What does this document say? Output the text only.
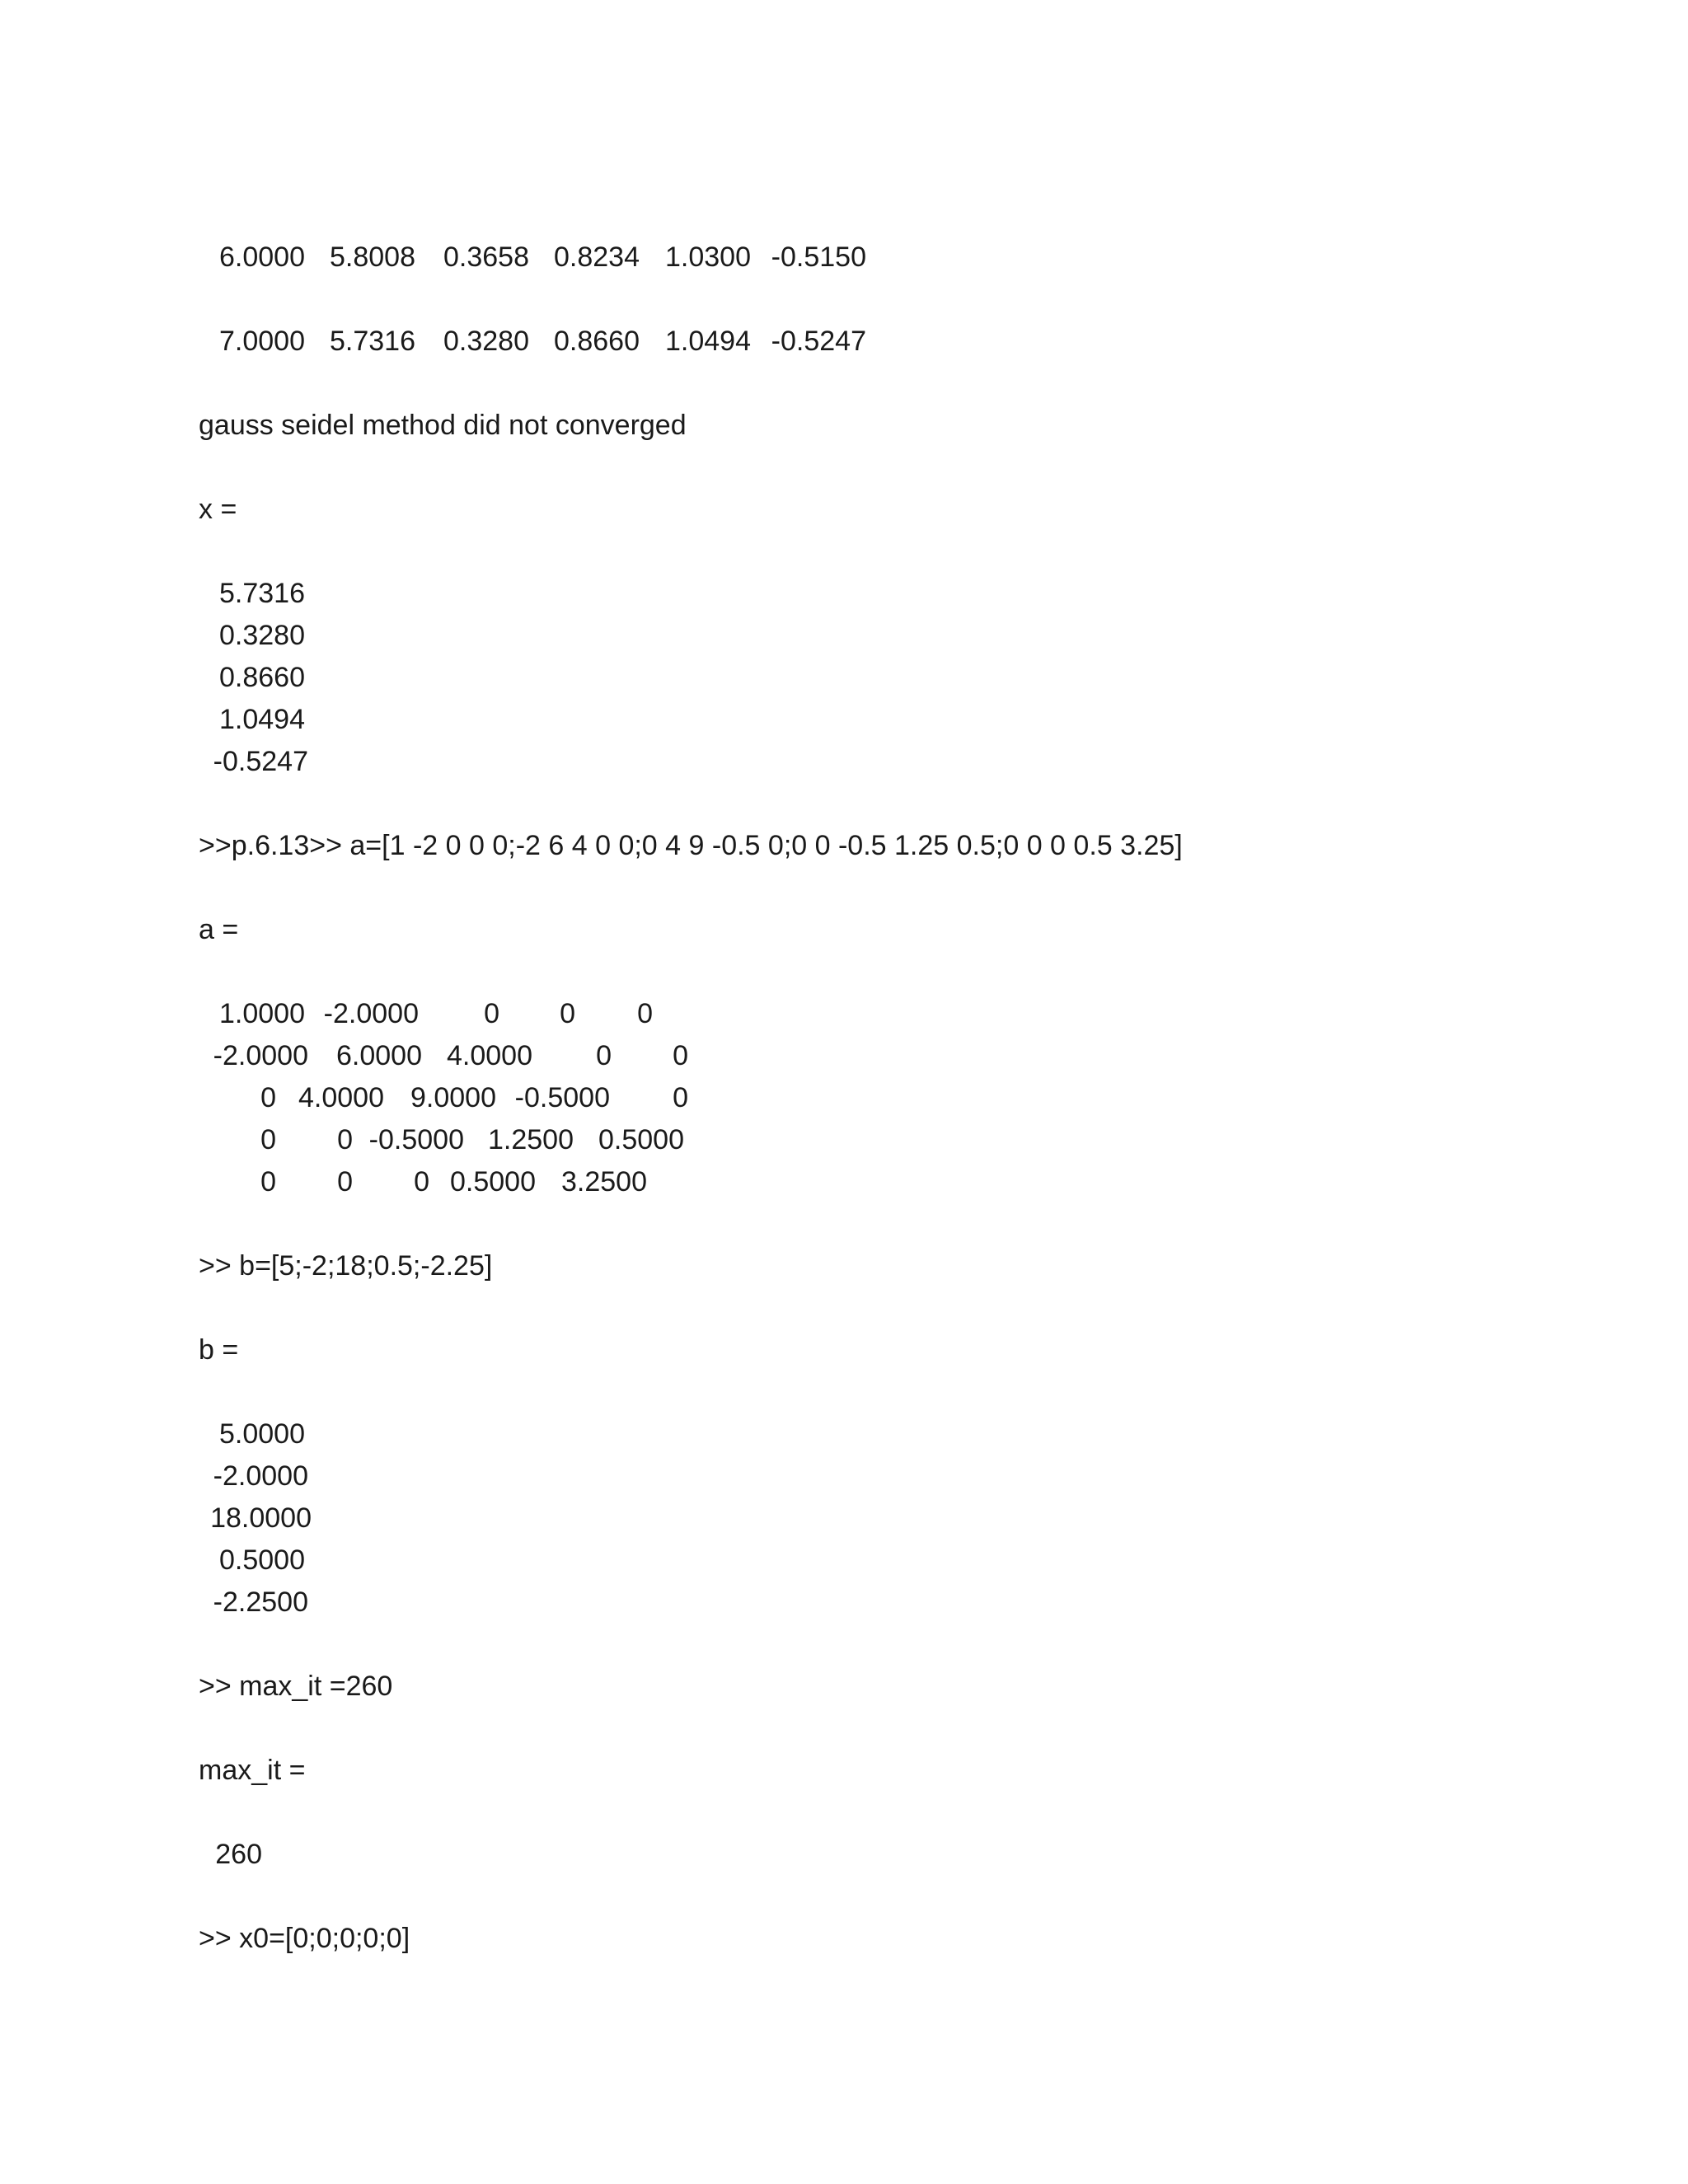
6.0000 5.8008 0.3658 0.8234 1.0300 -0.5150
7.0000 5.7316 0.3280 0.8660 1.0494 -0.5247

gauss seidel method did not converged

x =

5.7316
0.3280
0.8660
1.0494
-0.5247

>>p.6.13>> a=[1 -2 0 0 0;-2 6 4 0 0;0 4 9 -0.5 0;0 0 -0.5 1.25 0.5;0 0 0 0.5 3.25]

a =

1.0000 -2.0000 0 0 0
-2.0000 6.0000 4.0000 0 0
0 4.0000 9.0000 -0.5000 0
0 0 -0.5000 1.2500 0.5000
0 0 0 0.5000 3.2500

>> b=[5;-2;18;0.5;-2.25]

b =

5.0000
-2.0000
18.0000
0.5000
-2.2500

>> max_it =260

max_it =

260

>> x0=[0;0;0;0;0]
